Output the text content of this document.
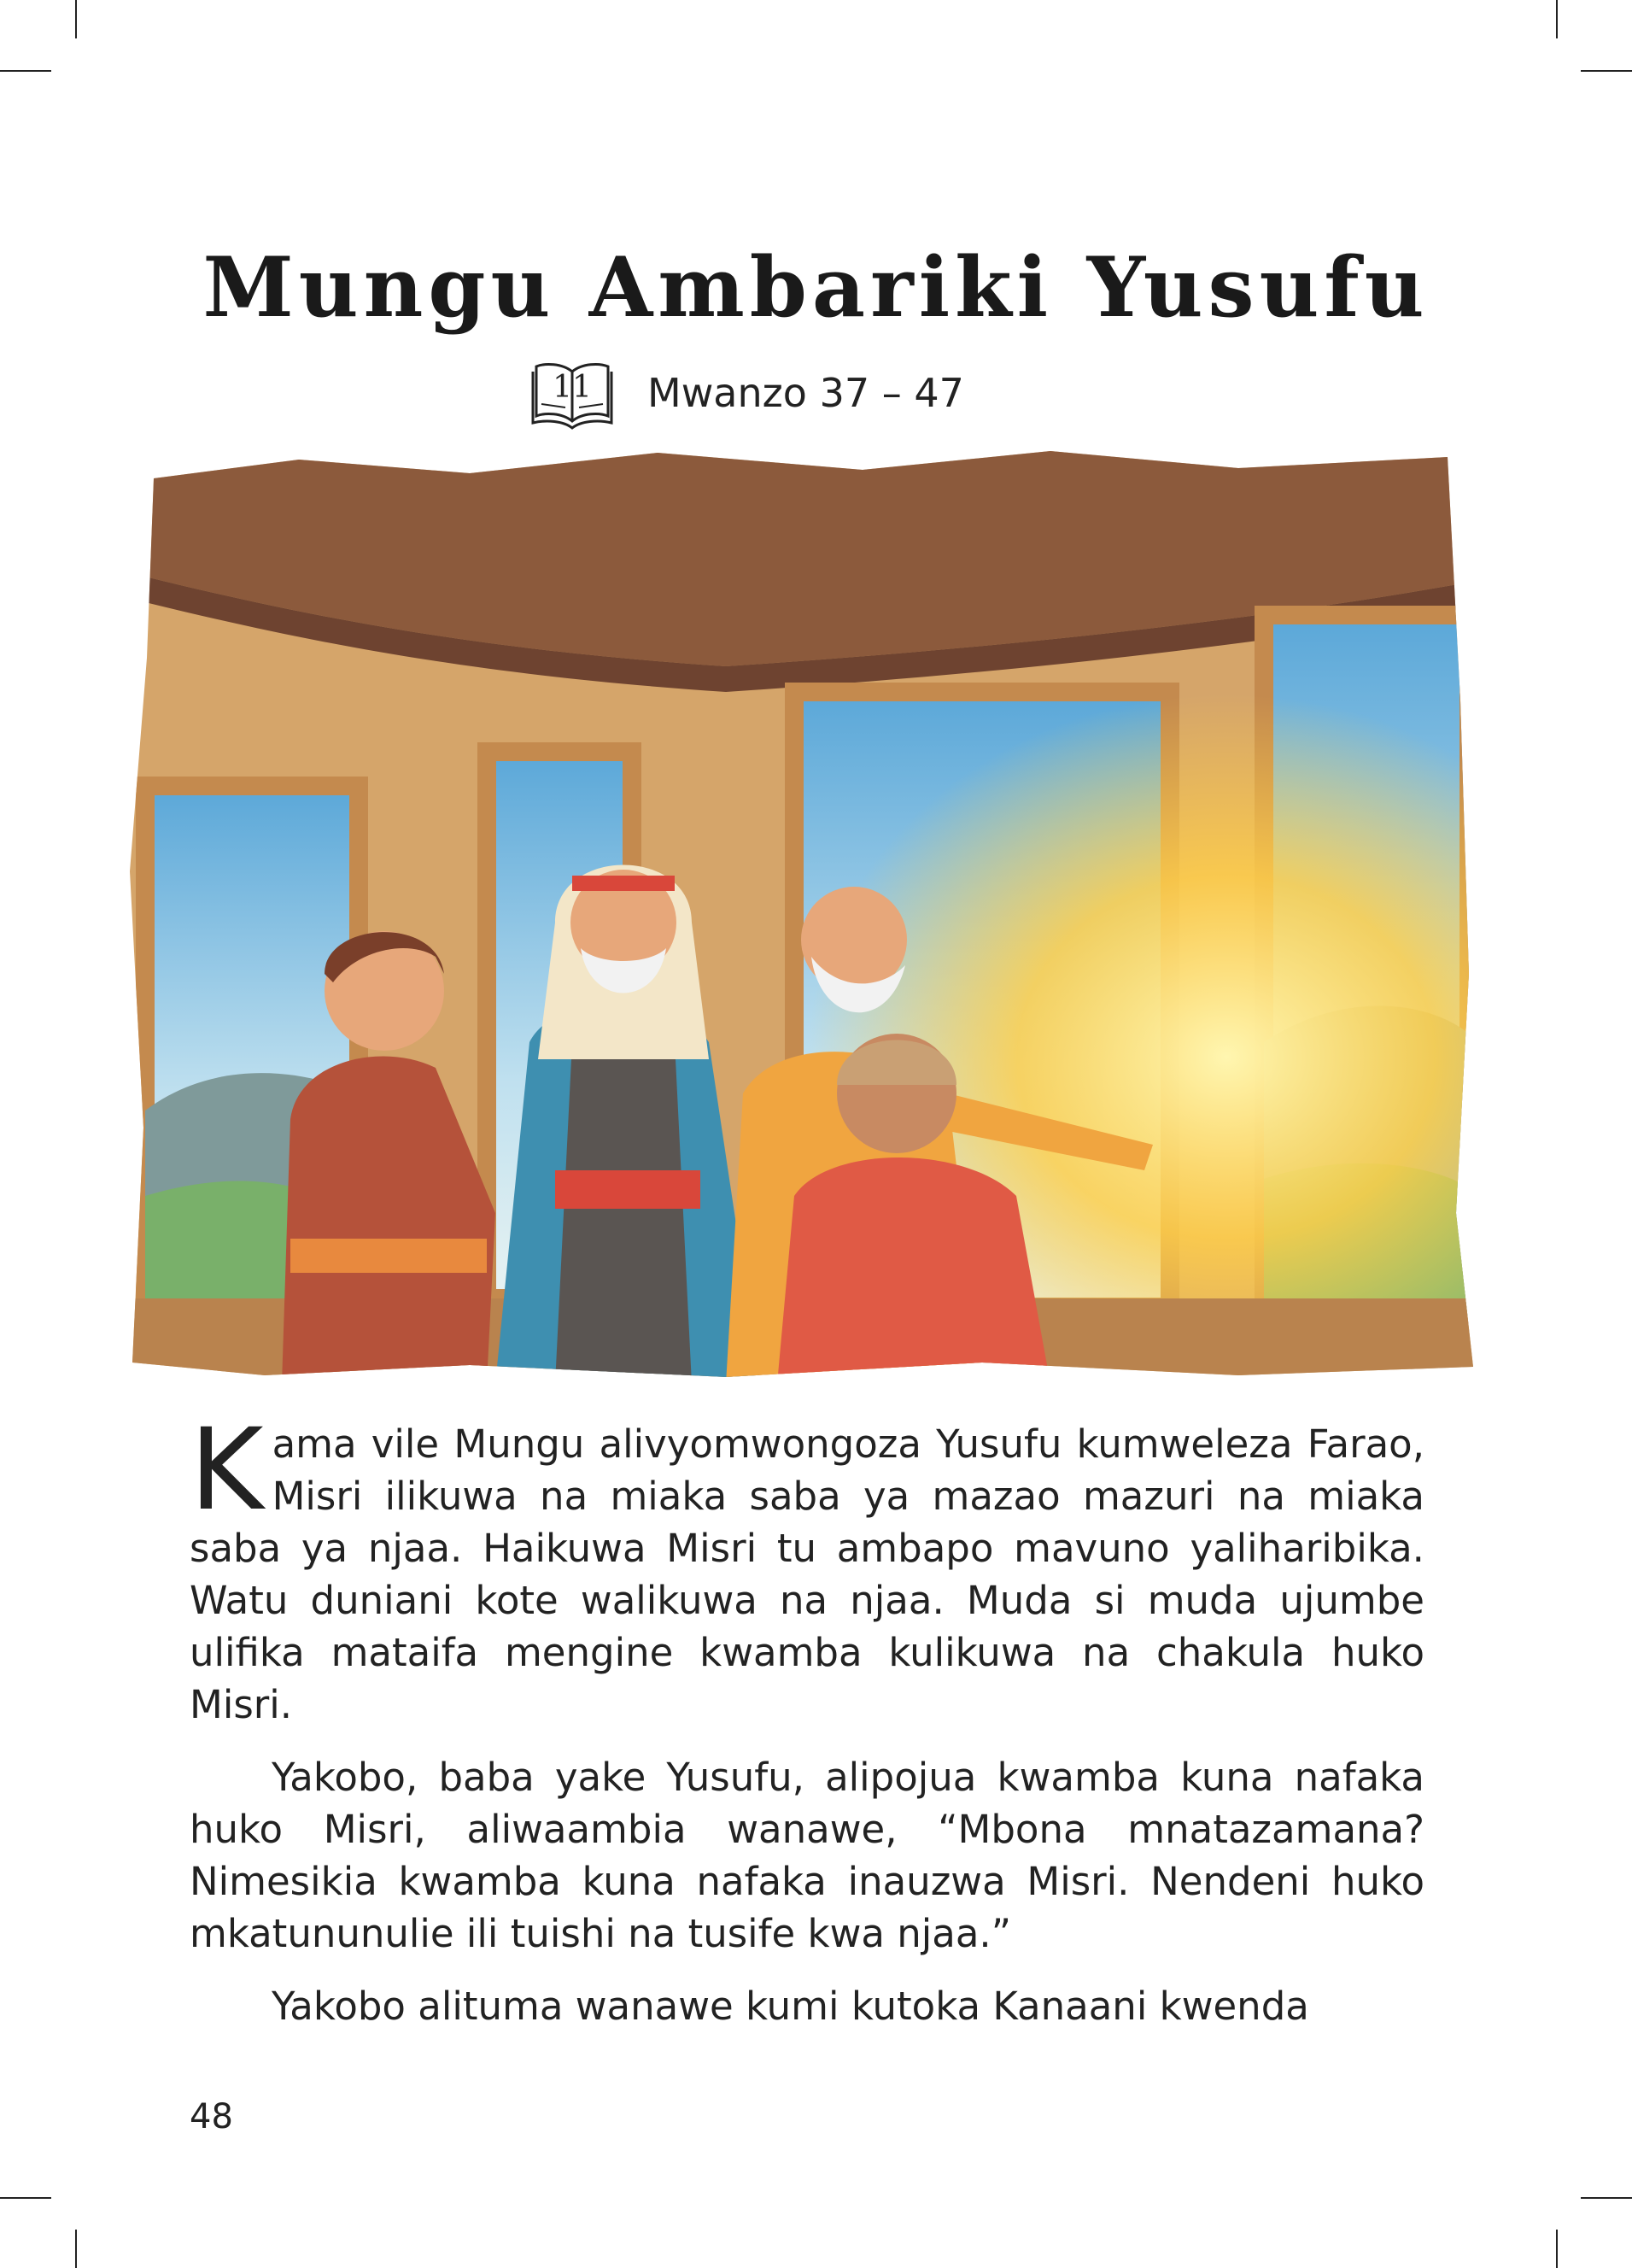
Mungu Ambariki Yusufu
11	Mwanzo 37 – 47

Kama vile Mungu alivyomwongoza Yusufu kumweleza Farao, Misri ilikuwa na miaka saba ya mazao mazuri na miaka saba ya njaa. Haikuwa Misri tu ambapo mavuno yaliharibika. Watu duniani kote walikuwa na njaa. Muda si muda ujumbe ulifika mataifa mengine kwamba kulikuwa na chakula huko Misri.

Yakobo, baba yake Yusufu, alipojua kwamba kuna nafaka huko Misri, aliwaambia wanawe, “Mbona mnatazamana? Nimesikia kwamba kuna nafaka inauzwa Misri. Nendeni huko mkatununulie ili tuishi na tusife kwa njaa.”

Yakobo alituma wanawe kumi kutoka Kanaani kwenda

48
